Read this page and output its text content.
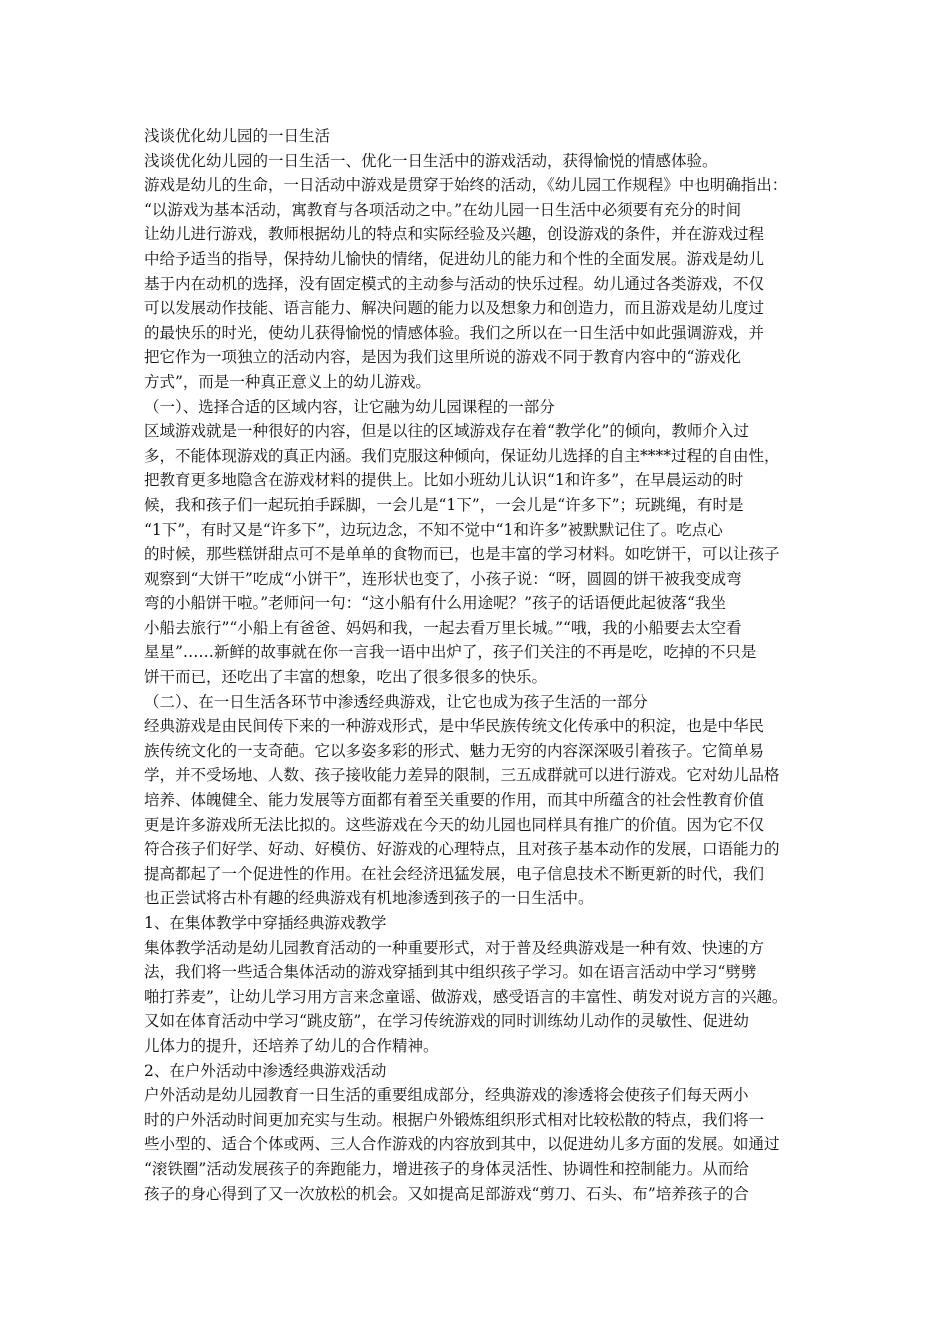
浅谈优化幼儿园的一日生活
浅谈优化幼儿园的一日生活一、优化一日生活中的游戏活动，获得愉悦的情感体验。
游戏是幼儿的生命，一日活动中游戏是贯穿于始终的活动，《幼儿园工作规程》中也明确指出：
“以游戏为基本活动，寓教育与各项活动之中。”在幼儿园一日生活中必须要有充分的时间
让幼儿进行游戏，教师根据幼儿的特点和实际经验及兴趣，创设游戏的条件，并在游戏过程
中给予适当的指导，保持幼儿愉快的情绪，促进幼儿的能力和个性的全面发展。游戏是幼儿
基于内在动机的选择，没有固定模式的主动参与活动的快乐过程。幼儿通过各类游戏，不仅
可以发展动作技能、语言能力、解决问题的能力以及想象力和创造力，而且游戏是幼儿度过
的最快乐的时光，使幼儿获得愉悦的情感体验。我们之所以在一日生活中如此强调游戏，并
把它作为一项独立的活动内容，是因为我们这里所说的游戏不同于教育内容中的“游戏化
方式”，而是一种真正意义上的幼儿游戏。
（一）、选择合适的区域内容，让它融为幼儿园课程的一部分
区域游戏就是一种很好的内容，但是以往的区域游戏存在着“教学化”的倾向，教师介入过
多，不能体现游戏的真正内涵。我们克服这种倾向，保证幼儿选择的自主****过程的自由性，
把教育更多地隐含在游戏材料的提供上。比如小班幼儿认识“1和许多”，在早晨运动的时
候，我和孩子们一起玩拍手踩脚，一会儿是“1下”，一会儿是“许多下”；玩跳绳，有时是
“1下”，有时又是“许多下”，边玩边念，不知不觉中“1和许多”被默默记住了。吃点心
的时候，那些糕饼甜点可不是单单的食物而已，也是丰富的学习材料。如吃饼干，可以让孩子
观察到“大饼干”吃成“小饼干”，连形状也变了，小孩子说：“呀，圆圆的饼干被我变成弯
弯的小船饼干啦。”老师问一句：“这小船有什么用途呢？”孩子的话语便此起彼落“我坐
小船去旅行”“小船上有爸爸、妈妈和我，一起去看万里长城。”“哦，我的小船要去太空看
星星”……新鲜的故事就在你一言我一语中出炉了，孩子们关注的不再是吃，吃掉的不只是
饼干而已，还吃出了丰富的想象，吃出了很多很多的快乐。
（二）、在一日生活各环节中渗透经典游戏，让它也成为孩子生活的一部分
经典游戏是由民间传下来的一种游戏形式，是中华民族传统文化传承中的积淀，也是中华民
族传统文化的一支奇葩。它以多姿多彩的形式、魅力无穷的内容深深吸引着孩子。它简单易
学，并不受场地、人数、孩子接收能力差异的限制，三五成群就可以进行游戏。它对幼儿品格
培养、体魄健全、能力发展等方面都有着至关重要的作用，而其中所蕴含的社会性教育价值
更是许多游戏所无法比拟的。这些游戏在今天的幼儿园也同样具有推广的价值。因为它不仅
符合孩子们好学、好动、好模仿、好游戏的心理特点，且对孩子基本动作的发展，口语能力的
提高都起了一个促进性的作用。在社会经济迅猛发展，电子信息技术不断更新的时代，我们
也正尝试将古朴有趣的经典游戏有机地渗透到孩子的一日生活中。
1、在集体教学中穿插经典游戏教学
集体教学活动是幼儿园教育活动的一种重要形式，对于普及经典游戏是一种有效、快速的方
法，我们将一些适合集体活动的游戏穿插到其中组织孩子学习。如在语言活动中学习“劈劈
啪打荞麦”，让幼儿学习用方言来念童谣、做游戏，感受语言的丰富性、萌发对说方言的兴趣。
又如在体育活动中学习“跳皮筋”，在学习传统游戏的同时训练幼儿动作的灵敏性、促进幼
儿体力的提升，还培养了幼儿的合作精神。
2、在户外活动中渗透经典游戏活动
户外活动是幼儿园教育一日生活的重要组成部分，经典游戏的渗透将会使孩子们每天两小
时的户外活动时间更加充实与生动。根据户外锻炼组织形式相对比较松散的特点，我们将一
些小型的、适合个体或两、三人合作游戏的内容放到其中，以促进幼儿多方面的发展。如通过
“滚铁圈”活动发展孩子的奔跑能力，增进孩子的身体灵活性、协调性和控制能力。从而给
孩子的身心得到了又一次放松的机会。又如提高足部游戏“剪刀、石头、布”培养孩子的合
